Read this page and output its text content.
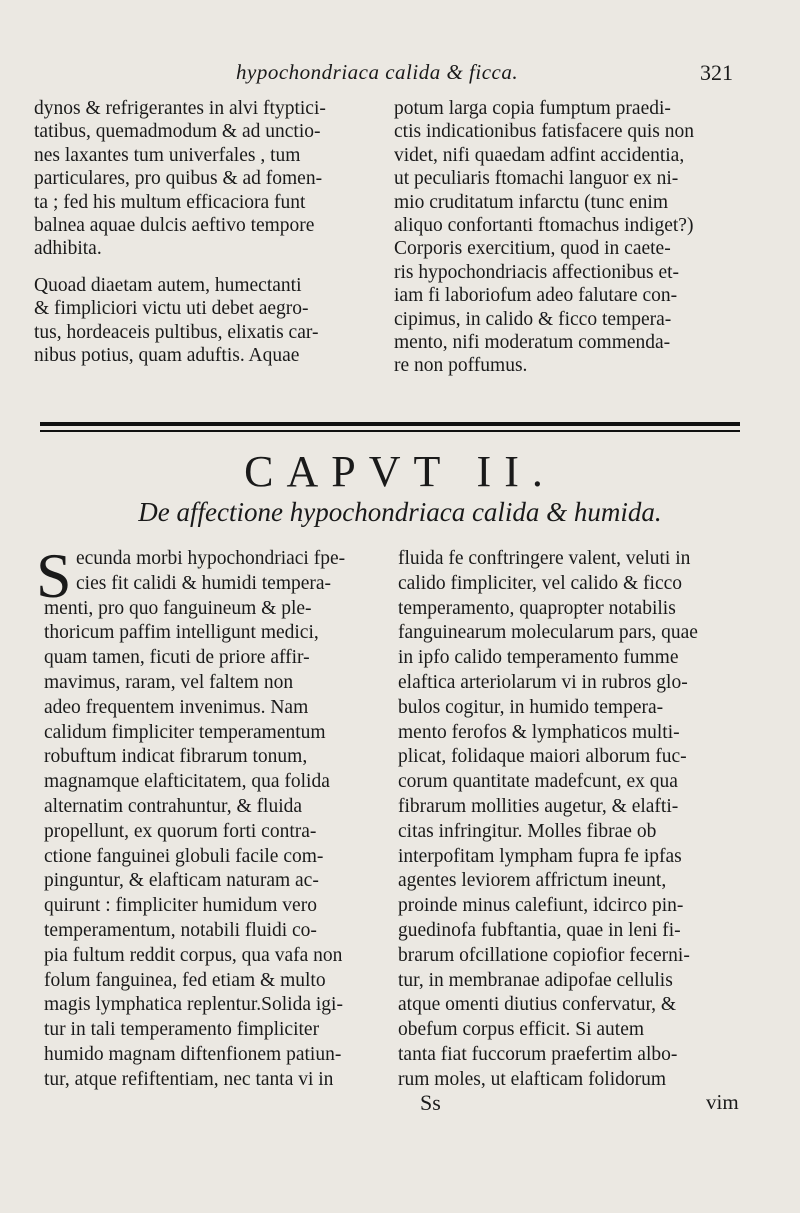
hypochondriaca calida & ficca.	321
dynos & refrigerantes in alvi ftyptici-
tatibus, quemadmodum & ad unctio-
nes laxantes tum univerfales , tum
particulares, pro quibus & ad fomen-
ta ; fed his multum efficaciora funt
balnea aquae dulcis aeftivo tempore
adhibita.
Quoad diaetam autem, humectanti
& fimpliciori victu uti debet aegro-
tus, hordeaceis pultibus, elixatis car-
nibus potius, quam aduftis. Aquae
potum larga copia fumptum praedi-
ctis indicationibus fatisfacere quis non
videt, nifi quaedam adfint accidentia,
ut peculiaris ftomachi languor ex ni-
mio cruditatum infarctu (tunc enim
aliquo confortanti ftomachus indiget?)
Corporis exercitium, quod in caete-
ris hypochondriacis affectionibus et-
iam fi laboriofum adeo falutare con-
cipimus, in calido & ficco tempera-
mento, nifi moderatum commenda-
re non poffumus.
CAPVT II.
De affectione hypochondriaca calida & humida.
S ecunda morbi hypochondriaci fpe-
cies fit calidi & humidi tempera-
menti, pro quo fanguineum & ple-
thoricum paffim intelligunt medici,
quam tamen, ficuti de priore affir-
mavimus, raram, vel faltem non
adeo frequentem invenimus. Nam
calidum fimpliciter temperamentum
robuftum indicat fibrarum tonum,
magnamque elafticitatem, qua folida
alternatim contrahuntur, & fluida
propellunt, ex quorum forti contra-
ctione fanguinei globuli facile com-
pinguntur, & elafticam naturam ac-
quirunt : fimpliciter humidum vero
temperamentum, notabili fluidi co-
pia fultum reddit corpus, qua vafa non
folum fanguinea, fed etiam & multo
magis lymphatica replentur.Solida igi-
tur in tali temperamento fimpliciter
humido magnam diftenfionem patiun-
tur, atque refiftentiam, nec tanta vi in
fluida fe conftringere valent, veluti in
calido fimpliciter, vel calido & ficco
temperamento, quapropter notabilis
fanguinearum molecularum pars, quae
in ipfo calido temperamento fumme
elaftica arteriolarum vi in rubros glo-
bulos cogitur, in humido tempera-
mento ferofos & lymphaticos multi-
plicat, folidaque maiori alborum fuc-
corum quantitate madefcunt, ex qua
fibrarum mollities augetur, & elafti-
citas infringitur. Molles fibrae ob
interpofitam lympham fupra fe ipfas
agentes leviorem affrictum ineunt,
proinde minus calefiunt, idcirco pin-
guedinofa fubftantia, quae in leni fi-
brarum ofcillatione copiofior fecerni-
tur, in membranae adipofae cellulis
atque omenti diutius confervatur, &
obefum corpus efficit. Si autem
tanta fiat fuccorum praefertim albo-
rum moles, ut elafticam folidorum
Ss	vim
